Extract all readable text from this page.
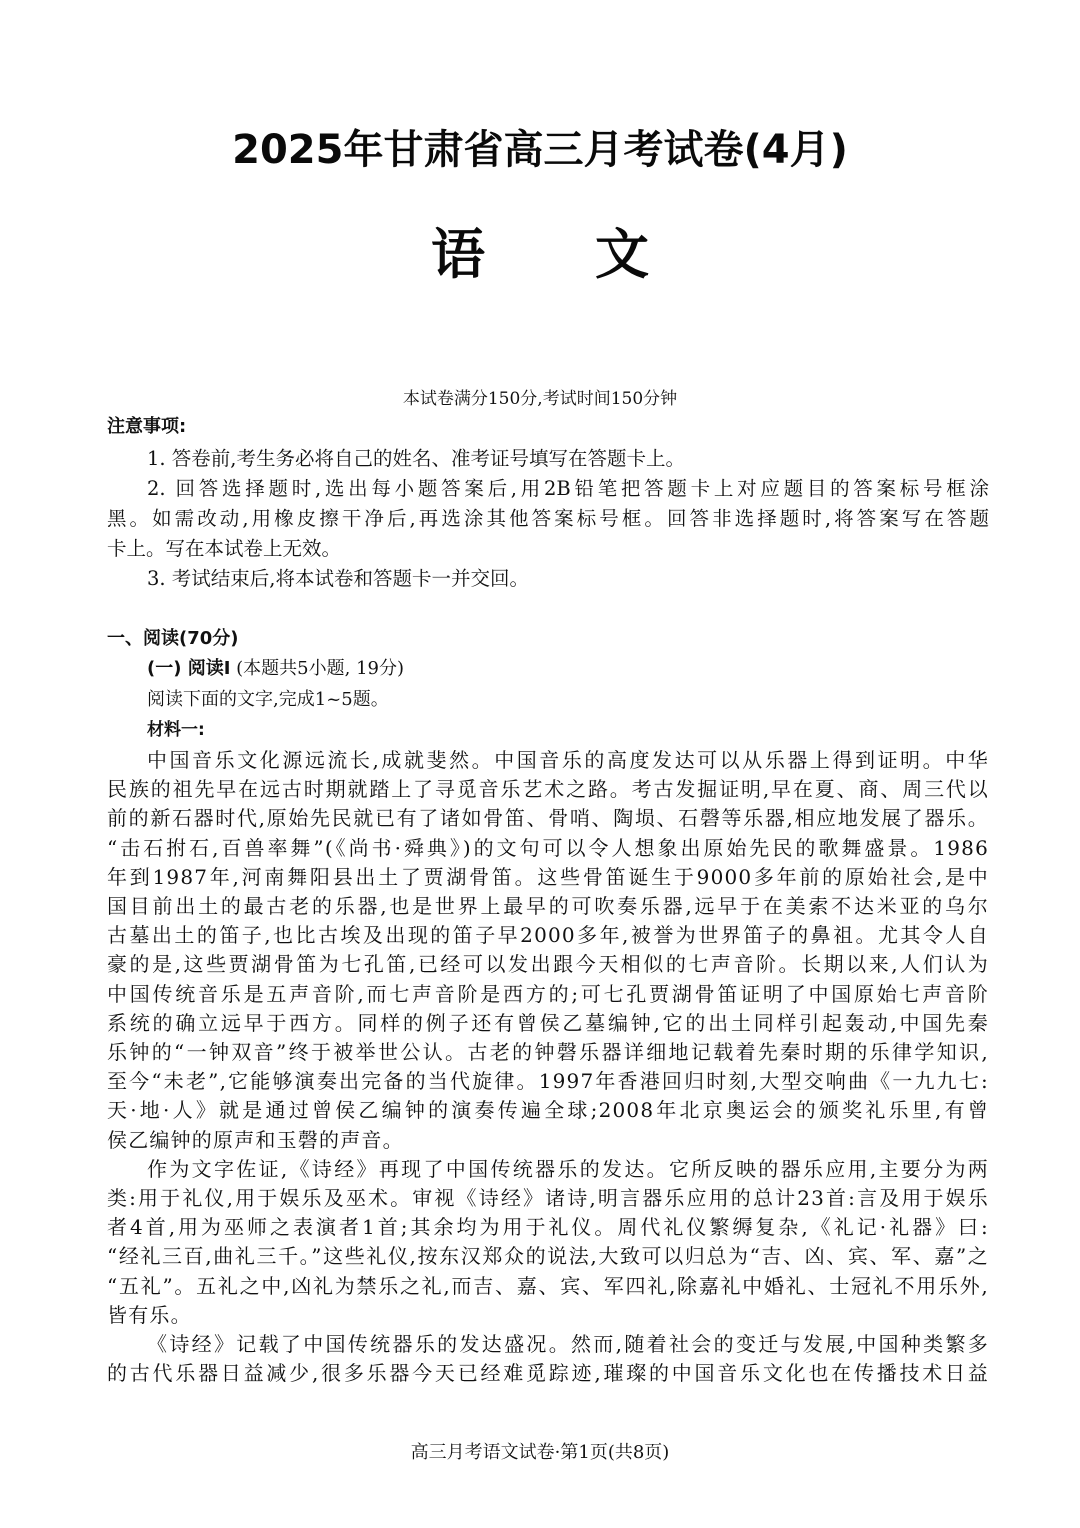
2025年甘肃省高三月考试卷(4月)
语 文
本试卷满分150分,考试时间150分钟
注意事项:
1. 答卷前,考生务必将自己的姓名、准考证号填写在答题卡上。
2. 回答选择题时,选出每小题答案后,用2B铅笔把答题卡上对应题目的答案标号框涂
黑。如需改动,用橡皮擦干净后,再选涂其他答案标号框。回答非选择题时,将答案写在答题
卡上。写在本试卷上无效。
3. 考试结束后,将本试卷和答题卡一并交回。
一、阅读(70分)
(一) 阅读I (本题共5小题, 19分)
阅读下面的文字,完成1~5题。
材料一:
中国音乐文化源远流长,成就斐然。中国音乐的高度发达可以从乐器上得到证明。中华
民族的祖先早在远古时期就踏上了寻觅音乐艺术之路。考古发掘证明,早在夏、商、周三代以
前的新石器时代,原始先民就已有了诸如骨笛、骨哨、陶埙、石磬等乐器,相应地发展了器乐。
“击石拊石,百兽率舞”(《尚书·舜典》)的文句可以令人想象出原始先民的歌舞盛景。1986
年到1987年,河南舞阳县出土了贾湖骨笛。这些骨笛诞生于9000多年前的原始社会,是中
国目前出土的最古老的乐器,也是世界上最早的可吹奏乐器,远早于在美索不达米亚的乌尔
古墓出土的笛子,也比古埃及出现的笛子早2000多年,被誉为世界笛子的鼻祖。尤其令人自
豪的是,这些贾湖骨笛为七孔笛,已经可以发出跟今天相似的七声音阶。长期以来,人们认为
中国传统音乐是五声音阶,而七声音阶是西方的;可七孔贾湖骨笛证明了中国原始七声音阶
系统的确立远早于西方。同样的例子还有曾侯乙墓编钟,它的出土同样引起轰动,中国先秦
乐钟的“一钟双音”终于被举世公认。古老的钟磬乐器详细地记载着先秦时期的乐律学知识,
至今“未老”,它能够演奏出完备的当代旋律。1997年香港回归时刻,大型交响曲《一九九七:
天·地·人》就是通过曾侯乙编钟的演奏传遍全球;2008年北京奥运会的颁奖礼乐里,有曾
侯乙编钟的原声和玉磬的声音。
作为文字佐证,《诗经》再现了中国传统器乐的发达。它所反映的器乐应用,主要分为两
类:用于礼仪,用于娱乐及巫术。审视《诗经》诸诗,明言器乐应用的总计23首:言及用于娱乐
者4首,用为巫师之表演者1首;其余均为用于礼仪。周代礼仪繁缛复杂,《礼记·礼器》曰:
“经礼三百,曲礼三千。”这些礼仪,按东汉郑众的说法,大致可以归总为“吉、凶、宾、军、嘉”之
“五礼”。五礼之中,凶礼为禁乐之礼,而吉、嘉、宾、军四礼,除嘉礼中婚礼、士冠礼不用乐外,
皆有乐。
《诗经》记载了中国传统器乐的发达盛况。然而,随着社会的变迁与发展,中国种类繁多
的古代乐器日益减少,很多乐器今天已经难觅踪迹,璀璨的中国音乐文化也在传播技术日益
高三月考语文试卷·第1页(共8页)
